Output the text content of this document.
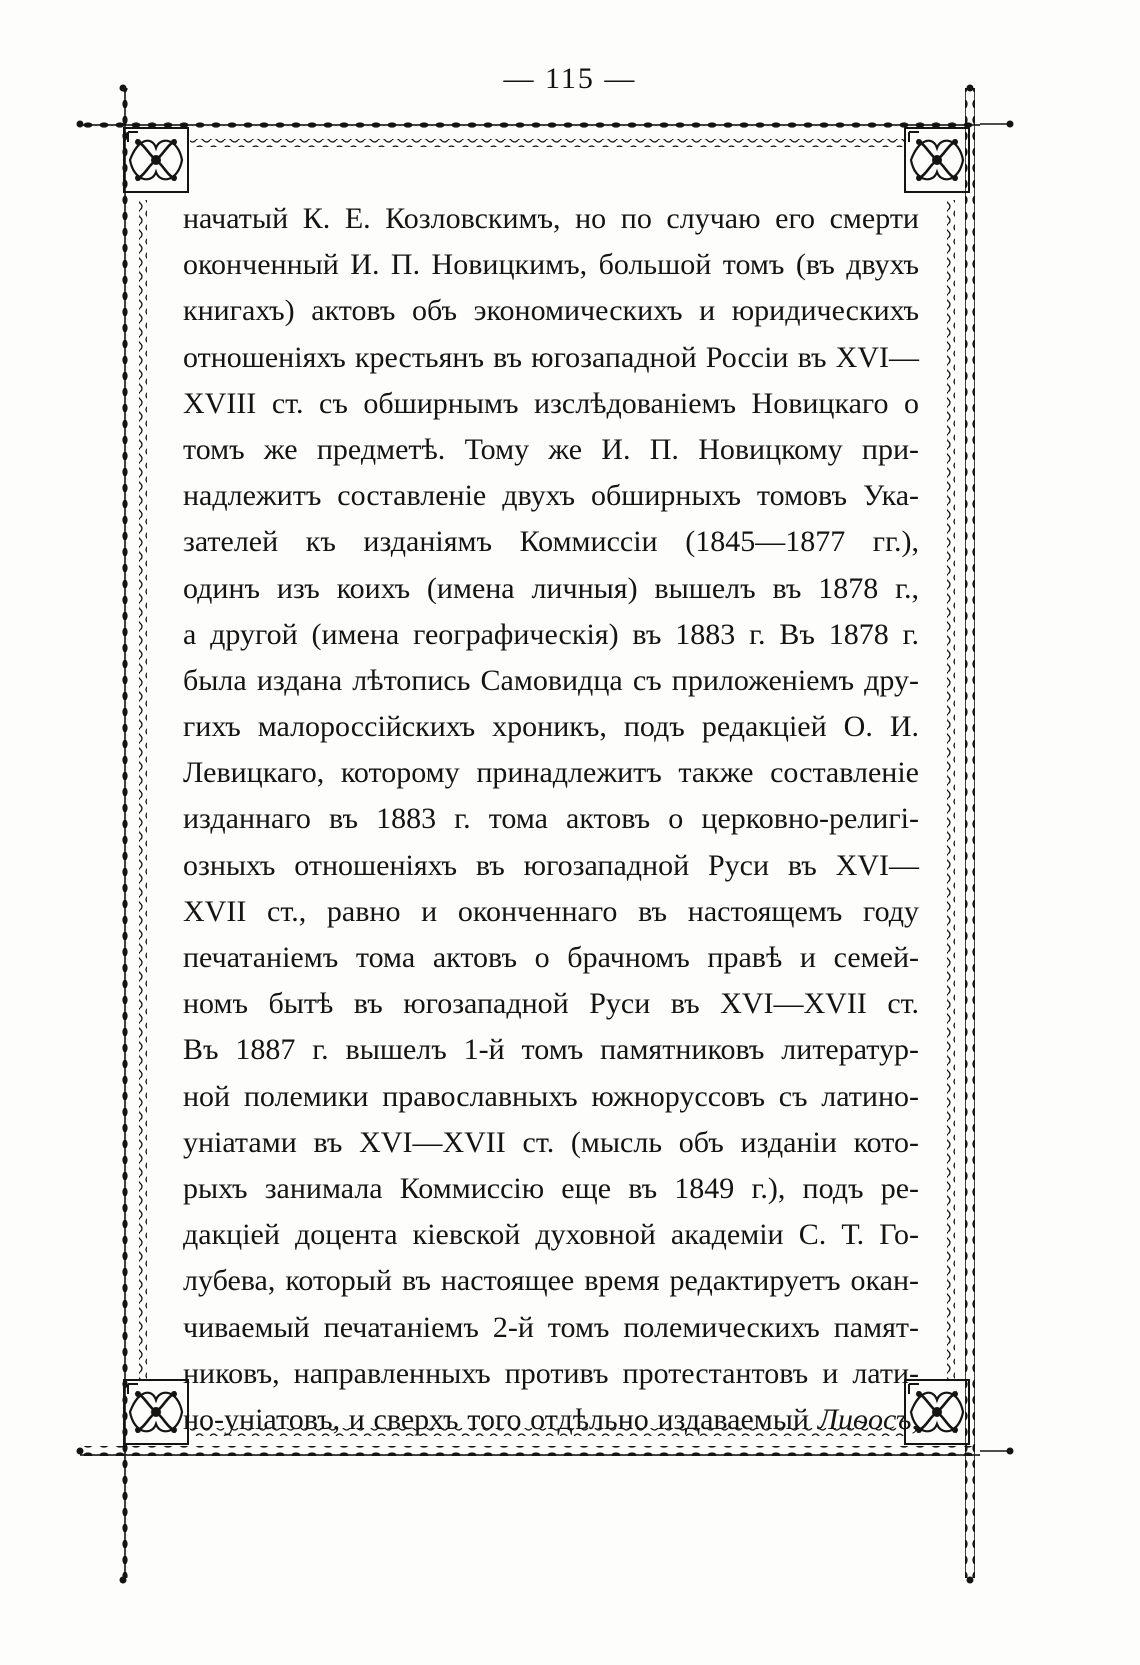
— 115 —
начатый К. Е. Козловскимъ, но по случаю его смерти
оконченный И. П. Новицкимъ, большой томъ (въ двухъ
книгахъ) актовъ объ экономическихъ и юридическихъ
отношеніяхъ крестьянъ въ югозападной Россіи въ XVI—
XVIII ст. съ обширнымъ изслѣдованіемъ Новицкаго о
томъ же предметѣ. Тому же И. П. Новицкому при-
надлежитъ составленіе двухъ обширныхъ томовъ Ука-
зателей къ изданіямъ Коммиссіи (1845—1877 гг.),
одинъ изъ коихъ (имена личныя) вышелъ въ 1878 г.,
а другой (имена географическія) въ 1883 г. Въ 1878 г.
была издана лѣтопись Самовидца съ приложеніемъ дру-
гихъ малороссійскихъ хроникъ, подъ редакціей О. И.
Левицкаго, которому принадлежитъ также составленіе
изданнаго въ 1883 г. тома актовъ о церковно-религі-
озныхъ отношеніяхъ въ югозападной Руси въ XVI—
XVII ст., равно и оконченнаго въ настоящемъ году
печатаніемъ тома актовъ о брачномъ правѣ и семей-
номъ бытѣ въ югозападной Руси въ XVI—XVII ст.
Въ 1887 г. вышелъ 1-й томъ памятниковъ литератур-
ной полемики православныхъ южноруссовъ съ латино-
уніатами въ XVI—XVII ст. (мысль объ изданіи кото-
рыхъ занимала Коммиссію еще въ 1849 г.), подъ ре-
дакціей доцента кіевской духовной академіи С. Т. Го-
лубева, который въ настоящее время редактируетъ окан-
чиваемый печатаніемъ 2-й томъ полемическихъ памят-
никовъ, направленныхъ противъ протестантовъ и лати-
но-уніатовъ, и сверхъ того отдѣльно издаваемый Лиѳосъ,
